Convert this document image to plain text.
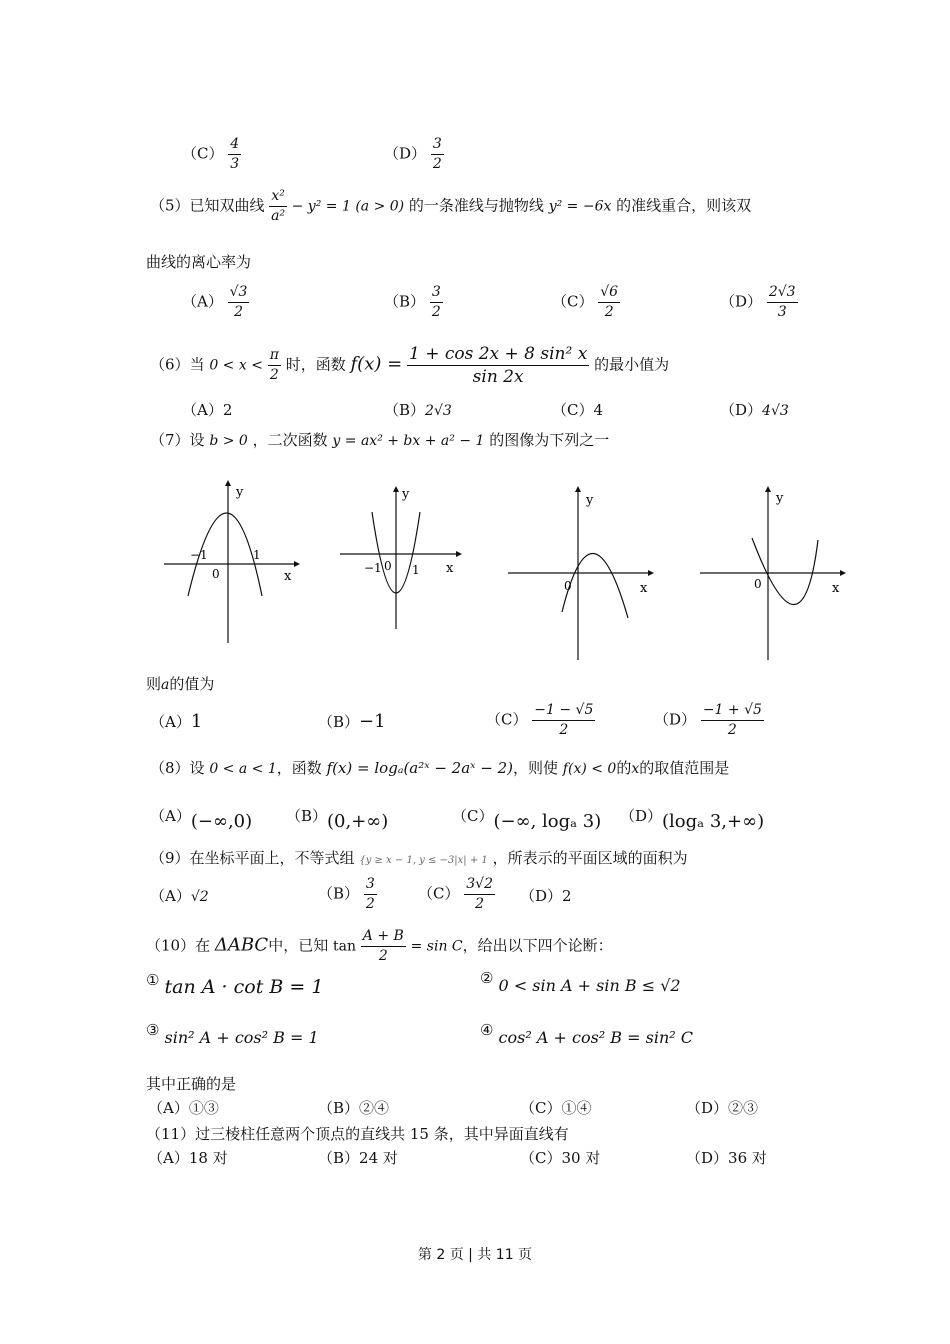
$(C) \frac{4}{3}$	$(D) \frac{3}{2}$
（5）已知双曲线 $\frac{\text{x²}}{\text{a²}} - y^2 = 1$ (a > 0) 的一条准线与抛物线 y² = −6x 的准线重合，则该双
曲线的离心率为
$(A) \frac{√3}{2}$	$(B) \frac{3}{2}$	$(C) \frac{√6}{2}$	$(D) \frac{2√3}{3}$
（6）当 $0 < x < \frac{\pi}{2}$ 时，函数 $f(x) = \frac{\text{1 + cos 2x + 8 sin² x}}{\sin 2x}$ 的最小值为
（A）2	（B）2√3	（C）4	（D）4√3
（7）设 b > 0 ，二次函数 y = ax² + bx + a² − 1 的图像为下列之一
y
x
0
−1	1
y
x
0
−1	1
y
x
0
y
x
0
则a的值为
（A）1	（B）−1	$(C) \frac{-1 - √5}{2}$	$(D) \frac{-1 + √5}{2}$
（8）设 0 < a < 1，函数 f(x) = logₐ(a²ˣ − 2aˣ − 2)，则使 f(x) < 0的x的取值范围是
（A）(−∞,0) （B）(0,+∞)	（C）(−∞, logₐ 3) （D）(logₐ 3,+∞)
（9）在坐标平面上，不等式组 {y ≥ x − 1, y ≤ −3|x| + 1 ，所表示的平面区域的面积为
（A）√2	$(B) \frac{3}{2}$	$(C) \frac{3√2}{2} (D)2$
（10）在 ΔABC中，已知 $\tan \frac{A + B}{2} = \sin C$，给出以下四个论断：
① tan A · cot B = 1	② 0 < sin A + sin B ≤ √2
③ sin² A + cos² B = 1	④ cos² A + cos² B = sin² C
其中正确的是
（A）①③	（B）②④	（C）①④	（D）②③
（11）过三棱柱任意两个顶点的直线共 15 条，其中异面直线有
（A）18 对	（B）24 对	（C）30 对	（D）36 对
第 2 页 | 共 11 页
